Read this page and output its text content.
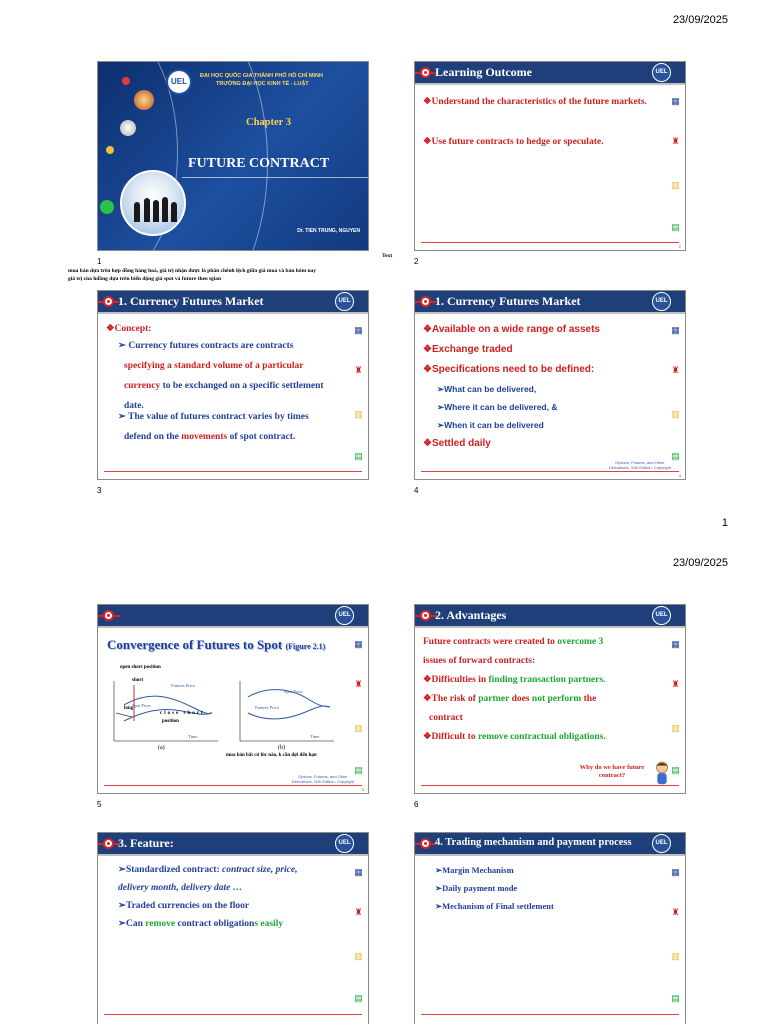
23/09/2025
UEL
ĐẠI HỌC QUỐC GIA THÀNH PHỐ HỒ CHÍ MINH
TRƯỜNG ĐẠI HỌC KINH TẾ - LUẬT
Chapter 3
FUTURE CONTRACT
Dr. TIEN TRUNG, NGUYEN
1
Text
mua bán dựa trên hợp đồng hàng hoá, giá trị nhận được là phần chênh lệch giữa giá mua và bán hôm nay
giá trị của hđồng dựa trên biến động giá spot và future theo tgian
Learning Outcome	UEL
▦
♜
▥
▤
❖Understand the characteristics of the future markets.
❖Use future contracts to hedge or speculate.
2
2
1. Currency Futures Market	UEL
▦
♜
▥
▤
❖Concept:
➢ Currency futures contracts are contracts
specifying a standard volume of a particular
currency to be exchanged on a specific settlement
date.
➢ The value of futures contract varies by times
defend on the movements of spot contract.
3
1. Currency Futures Market	UEL
▦
♜
▥
▤
❖Available on a wide range of assets
❖Exchange traded
❖Specifications need to be defined:
➢What can be delivered,
➢Where it can be delivered, &
➢When it can be delivered
❖Settled daily
Options, Futures, and Other
Derivatives, 11th Edition, Copyright
4
4
1
23/09/2025
UEL
▦
♜
▥
▤
Convergence of Futures to Spot (Figure 2.1)
open short position
short
long
close short
position
Futures Price
Spot Price
Time
Spot Price
Futures Price
Time
(a)	(b)
mua bán bất cứ lúc nào, k cần đợi đến hạn
Options, Futures, and Other
Derivatives, 11th Edition, Copyright
5
5
2. Advantages	UEL
▦
♜
▥
▤
Future contracts were created to overcome 3
issues of forward contracts:
❖Difficulties in finding transaction partners.
❖The risk of partner does not perform the
contract
❖Difficult to remove contractual obligations.
Why do we have future contract?
6
3. Feature:	UEL
▦
♜
▥
▤
➢Standardized contract: contract size, price,
delivery month, delivery date …
➢Traded currencies on the floor
➢Can remove contract obligations easily
4. Trading mechanism and payment process	UEL
▦
♜
▥
▤
➢Margin Mechanism
➢Daily payment mode
➢Mechanism of Final settlement
